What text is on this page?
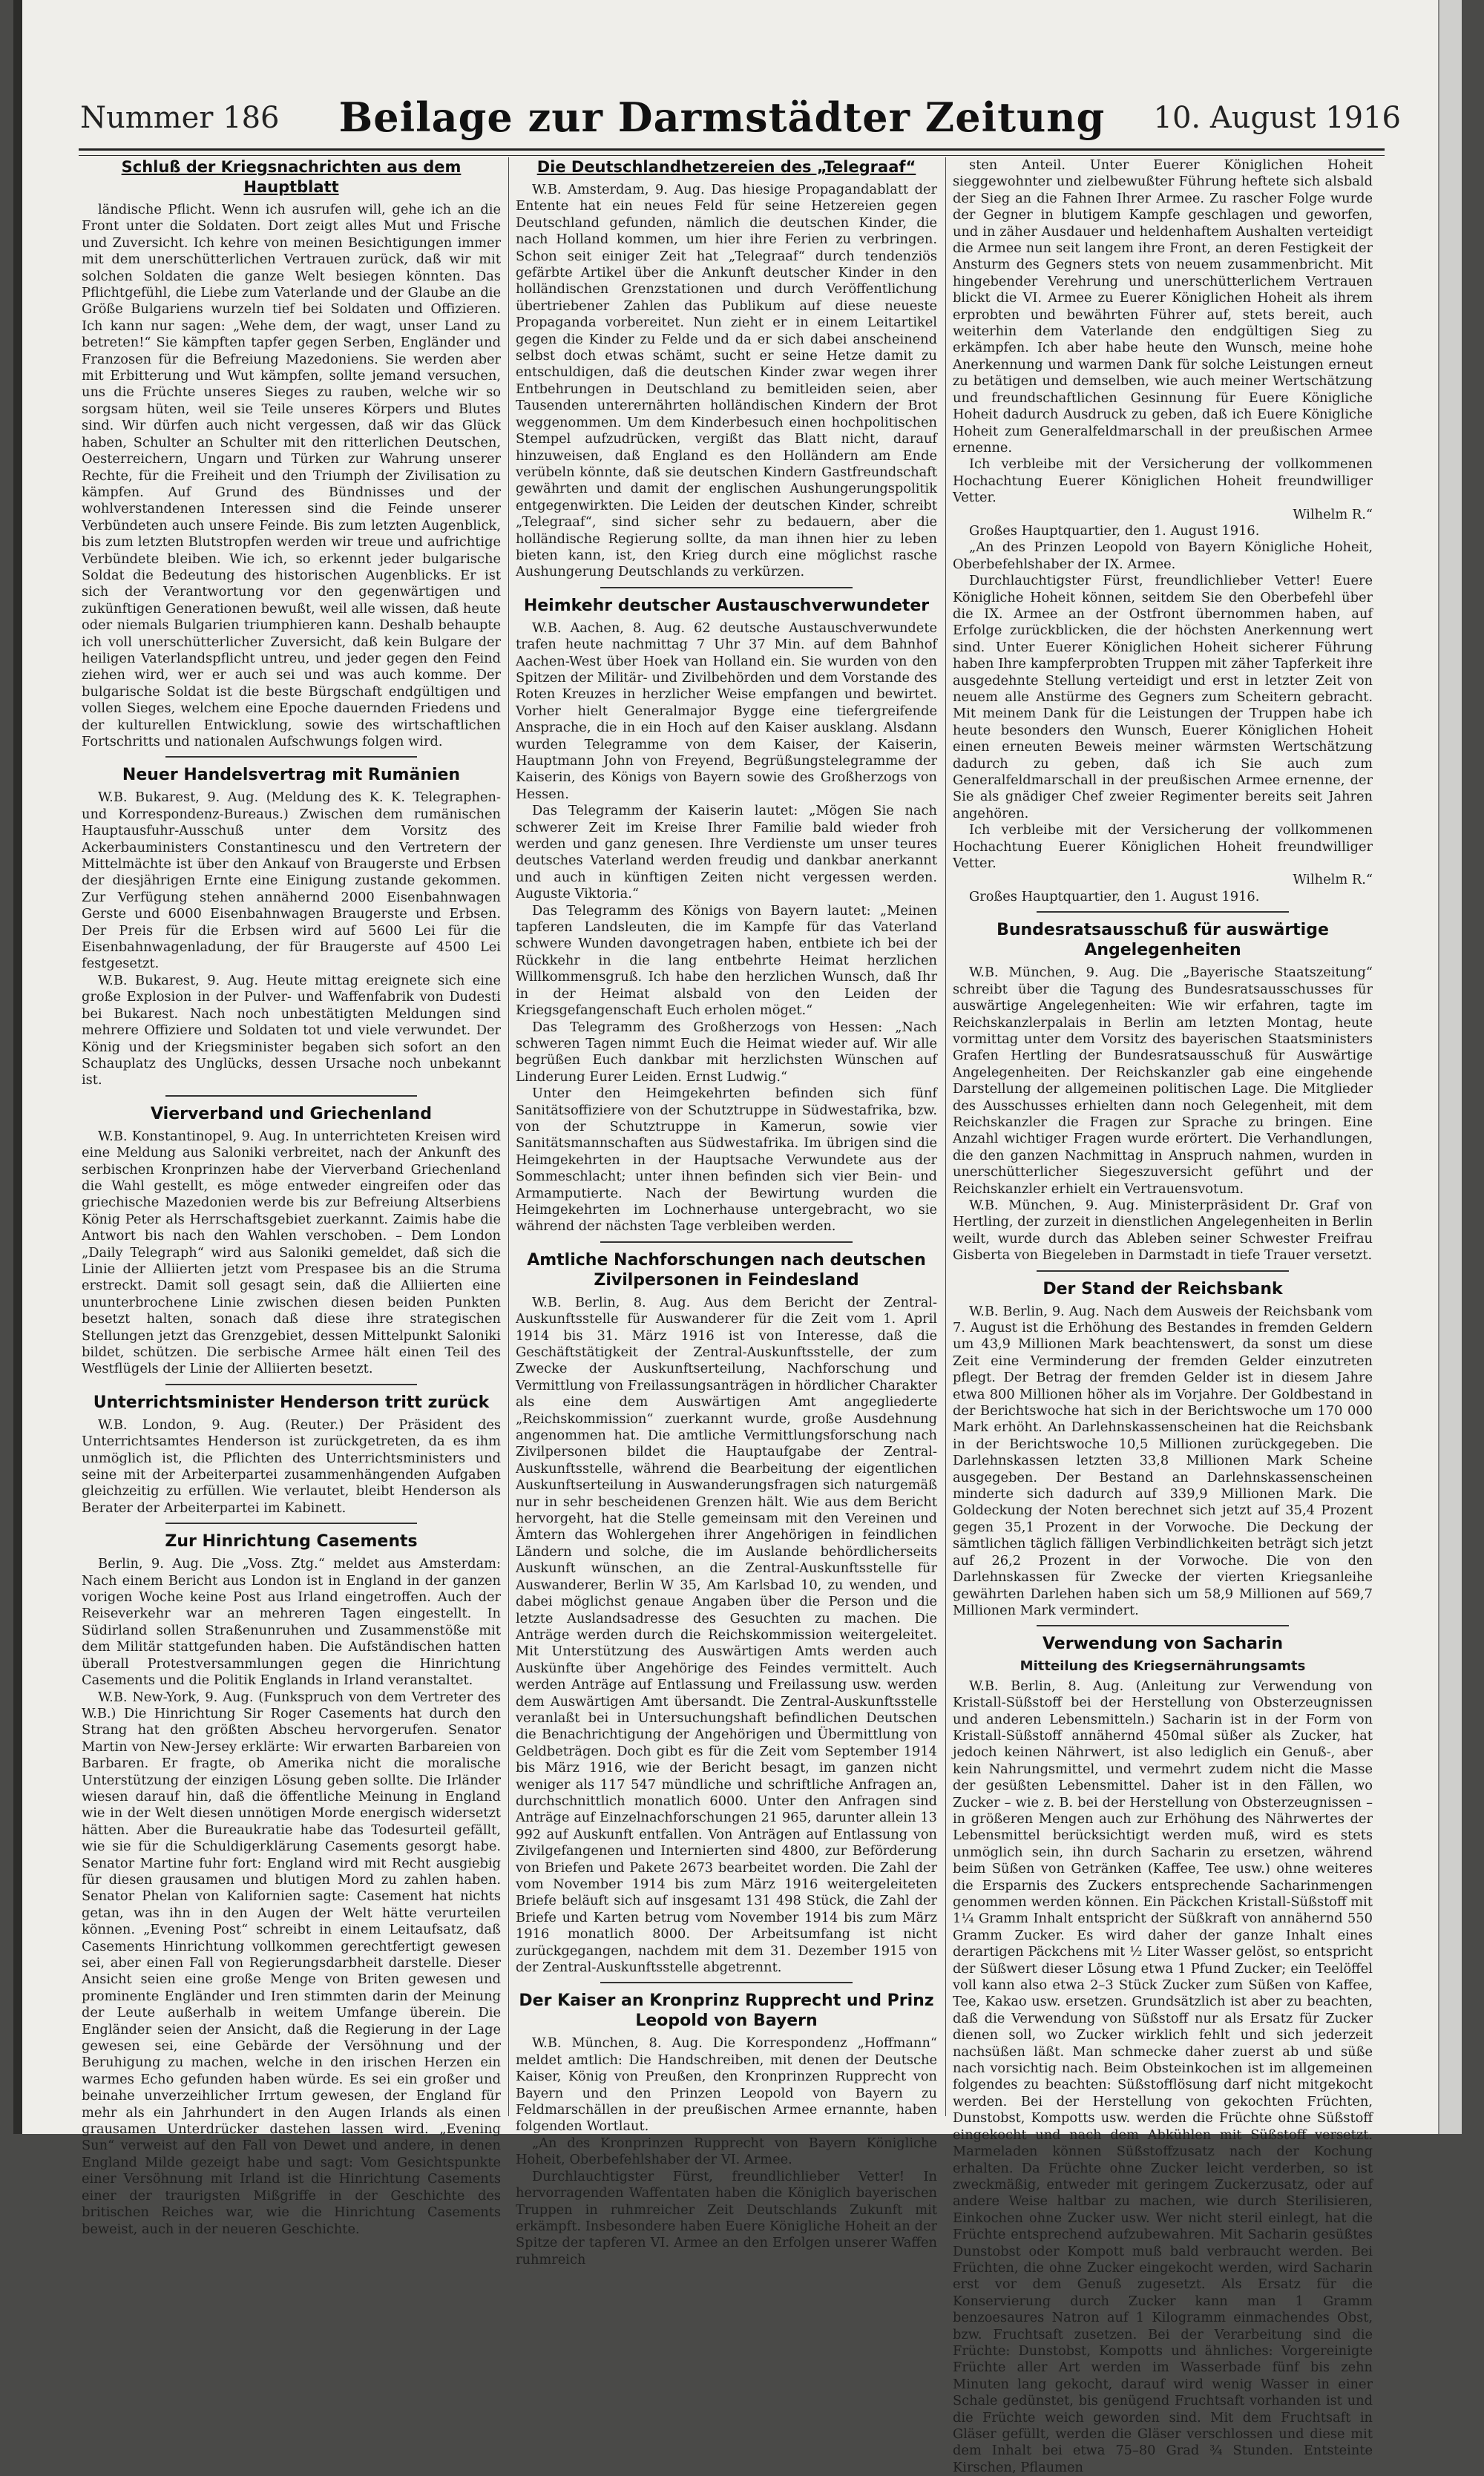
Nummer 186	Beilage zur Darmstädter Zeitung	10. August 1916
Schluß der Kriegsnachrichten aus dem Hauptblatt

ländische Pflicht. Wenn ich ausrufen will, gehe ich an die Front unter die Soldaten. Dort zeigt alles Mut und Frische und Zuversicht. Ich kehre von meinen Besichtigungen immer mit dem unerschütterlichen Vertrauen zurück, daß wir mit solchen Soldaten die ganze Welt besiegen könnten. Das Pflichtgefühl, die Liebe zum Vaterlande und der Glaube an die Größe Bulgariens wurzeln tief bei Soldaten und Offizieren. Ich kann nur sagen: „Wehe dem, der wagt, unser Land zu betreten!“ Sie kämpften tapfer gegen Serben, Engländer und Franzosen für die Befreiung Mazedoniens. Sie werden aber mit Erbitterung und Wut kämpfen, sollte jemand versuchen, uns die Früchte unseres Sieges zu rauben, welche wir so sorgsam hüten, weil sie Teile unseres Körpers und Blutes sind. Wir dürfen auch nicht vergessen, daß wir das Glück haben, Schulter an Schulter mit den ritterlichen Deutschen, Oesterreichern, Ungarn und Türken zur Wahrung unserer Rechte, für die Freiheit und den Triumph der Zivilisation zu kämpfen. Auf Grund des Bündnisses und der wohlverstandenen Interessen sind die Feinde unserer Verbündeten auch unsere Feinde. Bis zum letzten Augenblick, bis zum letzten Blutstropfen werden wir treue und aufrichtige Verbündete bleiben. Wie ich, so erkennt jeder bulgarische Soldat die Bedeutung des historischen Augenblicks. Er ist sich der Verantwortung vor den gegenwärtigen und zukünftigen Generationen bewußt, weil alle wissen, daß heute oder niemals Bulgarien triumphieren kann. Deshalb behaupte ich voll unerschütterlicher Zuversicht, daß kein Bulgare der heiligen Vaterlandspflicht untreu, und jeder gegen den Feind ziehen wird, wer er auch sei und was auch komme. Der bulgarische Soldat ist die beste Bürgschaft endgültigen und vollen Sieges, welchem eine Epoche dauernden Friedens und der kulturellen Entwicklung, sowie des wirtschaftlichen Fortschritts und nationalen Aufschwungs folgen wird.

Neuer Handelsvertrag mit Rumänien

W.B. Bukarest, 9. Aug. (Meldung des K. K. Telegraphen- und Korrespondenz-Bureaus.) Zwischen dem rumänischen Hauptausfuhr-Ausschuß unter dem Vorsitz des Ackerbauministers Constantinescu und den Vertretern der Mittelmächte ist über den Ankauf von Braugerste und Erbsen der diesjährigen Ernte eine Einigung zustande gekommen. Zur Verfügung stehen annähernd 2000 Eisenbahnwagen Gerste und 6000 Eisenbahnwagen Braugerste und Erbsen. Der Preis für die Erbsen wird auf 5600 Lei für die Eisenbahnwagenladung, der für Braugerste auf 4500 Lei festgesetzt.

W.B. Bukarest, 9. Aug. Heute mittag ereignete sich eine große Explosion in der Pulver- und Waffenfabrik von Dudesti bei Bukarest. Nach noch unbestätigten Meldungen sind mehrere Offiziere und Soldaten tot und viele verwundet. Der König und der Kriegsminister begaben sich sofort an den Schauplatz des Unglücks, dessen Ursache noch unbekannt ist.

Vierverband und Griechenland

W.B. Konstantinopel, 9. Aug. In unterrichteten Kreisen wird eine Meldung aus Saloniki verbreitet, nach der Ankunft des serbischen Kronprinzen habe der Vierverband Griechenland die Wahl gestellt, es möge entweder eingreifen oder das griechische Mazedonien werde bis zur Befreiung Altserbiens König Peter als Herrschaftsgebiet zuerkannt. Zaimis habe die Antwort bis nach den Wahlen verschoben. – Dem London „Daily Telegraph“ wird aus Saloniki gemeldet, daß sich die Linie der Alliierten jetzt vom Prespasee bis an die Struma erstreckt. Damit soll gesagt sein, daß die Alliierten eine ununterbrochene Linie zwischen diesen beiden Punkten besetzt halten, sonach daß diese ihre strategischen Stellungen jetzt das Grenzgebiet, dessen Mittelpunkt Saloniki bildet, schützen. Die serbische Armee hält einen Teil des Westflügels der Linie der Alliierten besetzt.

Unterrichtsminister Henderson tritt zurück

W.B. London, 9. Aug. (Reuter.) Der Präsident des Unterrichtsamtes Henderson ist zurückgetreten, da es ihm unmöglich ist, die Pflichten des Unterrichtsministers und seine mit der Arbeiterpartei zusammenhängenden Aufgaben gleichzeitig zu erfüllen. Wie verlautet, bleibt Henderson als Berater der Arbeiterpartei im Kabinett.

Zur Hinrichtung Casements

Berlin, 9. Aug. Die „Voss. Ztg.“ meldet aus Amsterdam: Nach einem Bericht aus London ist in England in der ganzen vorigen Woche keine Post aus Irland eingetroffen. Auch der Reiseverkehr war an mehreren Tagen eingestellt. In Südirland sollen Straßenunruhen und Zusammenstöße mit dem Militär stattgefunden haben. Die Aufständischen hatten überall Protestversammlungen gegen die Hinrichtung Casements und die Politik Englands in Irland veranstaltet.

W.B. New-York, 9. Aug. (Funkspruch von dem Vertreter des W.B.) Die Hinrichtung Sir Roger Casements hat durch den Strang hat den größten Abscheu hervorgerufen. Senator Martin von New-Jersey erklärte: Wir erwarten Barbareien von Barbaren. Er fragte, ob Amerika nicht die moralische Unterstützung der einzigen Lösung geben sollte. Die Irländer wiesen darauf hin, daß die öffentliche Meinung in England wie in der Welt diesen unnötigen Morde energisch widersetzt hätten. Aber die Bureaukratie habe das Todesurteil gefällt, wie sie für die Schuldigerklärung Casements gesorgt habe. Senator Martine fuhr fort: England wird mit Recht ausgiebig für diesen grausamen und blutigen Mord zu zahlen haben. Senator Phelan von Kalifornien sagte: Casement hat nichts getan, was ihn in den Augen der Welt hätte verurteilen können. „Evening Post“ schreibt in einem Leitaufsatz, daß Casements Hinrichtung vollkommen gerechtfertigt gewesen sei, aber einen Fall von Regierungsdarbheit darstelle. Dieser Ansicht seien eine große Menge von Briten gewesen und prominente Engländer und Iren stimmten darin der Meinung der Leute außerhalb in weitem Umfange überein. Die Engländer seien der Ansicht, daß die Regierung in der Lage gewesen sei, eine Gebärde der Versöhnung und der Beruhigung zu machen, welche in den irischen Herzen ein warmes Echo gefunden haben würde. Es sei ein großer und beinahe unverzeihlicher Irrtum gewesen, der England für mehr als ein Jahrhundert in den Augen Irlands als einen grausamen Unterdrücker dastehen lassen wird. „Evening Sun“ verweist auf den Fall von Dewet und andere, in denen England Milde gezeigt habe und sagt: Vom Gesichtspunkte einer Versöhnung mit Irland ist die Hinrichtung Casements einer der traurigsten Mißgriffe in der Geschichte des britischen Reiches war, wie die Hinrichtung Casements beweist, auch in der neueren Geschichte.

Die Deutschlandhetzereien des „Telegraaf“

W.B. Amsterdam, 9. Aug. Das hiesige Propagandablatt der Entente hat ein neues Feld für seine Hetzereien gegen Deutschland gefunden, nämlich die deutschen Kinder, die nach Holland kommen, um hier ihre Ferien zu verbringen. Schon seit einiger Zeit hat „Telegraaf“ durch tendenziös gefärbte Artikel über die Ankunft deutscher Kinder in den holländischen Grenzstationen und durch Veröffentlichung übertriebener Zahlen das Publikum auf diese neueste Propaganda vorbereitet. Nun zieht er in einem Leitartikel gegen die Kinder zu Felde und da er sich dabei anscheinend selbst doch etwas schämt, sucht er seine Hetze damit zu entschuldigen, daß die deutschen Kinder zwar wegen ihrer Entbehrungen in Deutschland zu bemitleiden seien, aber Tausenden unterernährten holländischen Kindern der Brot weggenommen. Um dem Kinderbesuch einen hochpolitischen Stempel aufzudrücken, vergißt das Blatt nicht, darauf hinzuweisen, daß England es den Holländern am Ende verübeln könnte, daß sie deutschen Kindern Gastfreundschaft gewährten und damit der englischen Aushungerungspolitik entgegenwirkten. Die Leiden der deutschen Kinder, schreibt „Telegraaf“, sind sicher sehr zu bedauern, aber die holländische Regierung sollte, da man ihnen hier zu leben bieten kann, ist, den Krieg durch eine möglichst rasche Aushungerung Deutschlands zu verkürzen.

Heimkehr deutscher Austauschverwundeter

W.B. Aachen, 8. Aug. 62 deutsche Austauschverwundete trafen heute nachmittag 7 Uhr 37 Min. auf dem Bahnhof Aachen-West über Hoek van Holland ein. Sie wurden von den Spitzen der Militär- und Zivilbehörden und dem Vorstande des Roten Kreuzes in herzlicher Weise empfangen und bewirtet. Vorher hielt Generalmajor Bygge eine tiefergreifende Ansprache, die in ein Hoch auf den Kaiser ausklang. Alsdann wurden Telegramme von dem Kaiser, der Kaiserin, Hauptmann John von Freyend, Begrüßungstelegramme der Kaiserin, des Königs von Bayern sowie des Großherzogs von Hessen.

Das Telegramm der Kaiserin lautet: „Mögen Sie nach schwerer Zeit im Kreise Ihrer Familie bald wieder froh werden und ganz genesen. Ihre Verdienste um unser teures deutsches Vaterland werden freudig und dankbar anerkannt und auch in künftigen Zeiten nicht vergessen werden. Auguste Viktoria.“

Das Telegramm des Königs von Bayern lautet: „Meinen tapferen Landsleuten, die im Kampfe für das Vaterland schwere Wunden davongetragen haben, entbiete ich bei der Rückkehr in die lang entbehrte Heimat herzlichen Willkommensgruß. Ich habe den herzlichen Wunsch, daß Ihr in der Heimat alsbald von den Leiden der Kriegsgefangenschaft Euch erholen möget.“

Das Telegramm des Großherzogs von Hessen: „Nach schweren Tagen nimmt Euch die Heimat wieder auf. Wir alle begrüßen Euch dankbar mit herzlichsten Wünschen auf Linderung Eurer Leiden. Ernst Ludwig.“

Unter den Heimgekehrten befinden sich fünf Sanitätsoffiziere von der Schutztruppe in Südwestafrika, bzw. von der Schutztruppe in Kamerun, sowie vier Sanitätsmannschaften aus Südwestafrika. Im übrigen sind die Heimgekehrten in der Hauptsache Verwundete aus der Sommeschlacht; unter ihnen befinden sich vier Bein- und Armamputierte. Nach der Bewirtung wurden die Heimgekehrten im Lochnerhause untergebracht, wo sie während der nächsten Tage verbleiben werden.

Amtliche Nachforschungen nach deutschen Zivilpersonen in Feindesland

W.B. Berlin, 8. Aug. Aus dem Bericht der Zentral-Auskunftsstelle für Auswanderer für die Zeit vom 1. April 1914 bis 31. März 1916 ist von Interesse, daß die Geschäftstätigkeit der Zentral-Auskunftsstelle, der zum Zwecke der Auskunftserteilung, Nachforschung und Vermittlung von Freilassungsanträgen in hördlicher Charakter als eine dem Auswärtigen Amt angegliederte „Reichskommission“ zuerkannt wurde, große Ausdehnung angenommen hat. Die amtliche Vermittlungsforschung nach Zivilpersonen bildet die Hauptaufgabe der Zentral-Auskunftsstelle, während die Bearbeitung der eigentlichen Auskunftserteilung in Auswanderungsfragen sich naturgemäß nur in sehr bescheidenen Grenzen hält. Wie aus dem Bericht hervorgeht, hat die Stelle gemeinsam mit den Vereinen und Ämtern das Wohlergehen ihrer Angehörigen in feindlichen Ländern und solche, die im Auslande behördlicherseits Auskunft wünschen, an die Zentral-Auskunftsstelle für Auswanderer, Berlin W 35, Am Karlsbad 10, zu wenden, und dabei möglichst genaue Angaben über die Person und die letzte Auslandsadresse des Gesuchten zu machen. Die Anträge werden durch die Reichskommission weitergeleitet. Mit Unterstützung des Auswärtigen Amts werden auch Auskünfte über Angehörige des Feindes vermittelt. Auch werden Anträge auf Entlassung und Freilassung usw. werden dem Auswärtigen Amt übersandt. Die Zentral-Auskunftsstelle veranlaßt bei in Untersuchungshaft befindlichen Deutschen die Benachrichtigung der Angehörigen und Übermittlung von Geldbeträgen. Doch gibt es für die Zeit vom September 1914 bis März 1916, wie der Bericht besagt, im ganzen nicht weniger als 117 547 mündliche und schriftliche Anfragen an, durchschnittlich monatlich 6000. Unter den Anfragen sind Anträge auf Einzelnachforschungen 21 965, darunter allein 13 992 auf Auskunft entfallen. Von Anträgen auf Entlassung von Zivilgefangenen und Internierten sind 4800, zur Beförderung von Briefen und Pakete 2673 bearbeitet worden. Die Zahl der vom November 1914 bis zum März 1916 weitergeleiteten Briefe beläuft sich auf insgesamt 131 498 Stück, die Zahl der Briefe und Karten betrug vom November 1914 bis zum März 1916 monatlich 8000. Der Arbeitsumfang ist nicht zurückgegangen, nachdem mit dem 31. Dezember 1915 von der Zentral-Auskunftsstelle abgetrennt.

Der Kaiser an Kronprinz Rupprecht und Prinz Leopold von Bayern

W.B. München, 8. Aug. Die Korrespondenz „Hoffmann“ meldet amtlich: Die Handschreiben, mit denen der Deutsche Kaiser, König von Preußen, den Kronprinzen Rupprecht von Bayern und den Prinzen Leopold von Bayern zu Feldmarschällen in der preußischen Armee ernannte, haben folgenden Wortlaut.

„An des Kronprinzen Rupprecht von Bayern Königliche Hoheit, Oberbefehlshaber der VI. Armee.

Durchlauchtigster Fürst, freundlichlieber Vetter! In hervorragenden Waffentaten haben die Königlich bayerischen Truppen in ruhmreicher Zeit Deutschlands Zukunft mit erkämpft. Insbesondere haben Euere Königliche Hoheit an der Spitze der tapferen VI. Armee an den Erfolgen unserer Waffen ruhmreich

sten Anteil. Unter Euerer Königlichen Hoheit sieggewohnter und zielbewußter Führung heftete sich alsbald der Sieg an die Fahnen Ihrer Armee. Zu rascher Folge wurde der Gegner in blutigem Kampfe geschlagen und geworfen, und in zäher Ausdauer und heldenhaftem Aushalten verteidigt die Armee nun seit langem ihre Front, an deren Festigkeit der Ansturm des Gegners stets von neuem zusammenbricht. Mit hingebender Verehrung und unerschütterlichem Vertrauen blickt die VI. Armee zu Euerer Königlichen Hoheit als ihrem erprobten und bewährten Führer auf, stets bereit, auch weiterhin dem Vaterlande den endgültigen Sieg zu erkämpfen. Ich aber habe heute den Wunsch, meine hohe Anerkennung und warmen Dank für solche Leistungen erneut zu betätigen und demselben, wie auch meiner Wertschätzung und freundschaftlichen Gesinnung für Euere Königliche Hoheit dadurch Ausdruck zu geben, daß ich Euere Königliche Hoheit zum Generalfeldmarschall in der preußischen Armee ernenne.

Ich verbleibe mit der Versicherung der vollkommenen Hochachtung Euerer Königlichen Hoheit freundwilliger Vetter.

Wilhelm R.“

Großes Hauptquartier, den 1. August 1916.

„An des Prinzen Leopold von Bayern Königliche Hoheit, Oberbefehlshaber der IX. Armee.

Durchlauchtigster Fürst, freundlichlieber Vetter! Euere Königliche Hoheit können, seitdem Sie den Oberbefehl über die IX. Armee an der Ostfront übernommen haben, auf Erfolge zurückblicken, die der höchsten Anerkennung wert sind. Unter Euerer Königlichen Hoheit sicherer Führung haben Ihre kampferprobten Truppen mit zäher Tapferkeit ihre ausgedehnte Stellung verteidigt und erst in letzter Zeit von neuem alle Anstürme des Gegners zum Scheitern gebracht. Mit meinem Dank für die Leistungen der Truppen habe ich heute besonders den Wunsch, Euerer Königlichen Hoheit einen erneuten Beweis meiner wärmsten Wertschätzung dadurch zu geben, daß ich Sie auch zum Generalfeldmarschall in der preußischen Armee ernenne, der Sie als gnädiger Chef zweier Regimenter bereits seit Jahren angehören.

Ich verbleibe mit der Versicherung der vollkommenen Hochachtung Euerer Königlichen Hoheit freundwilliger Vetter.

Wilhelm R.“

Großes Hauptquartier, den 1. August 1916.

Bundesratsausschuß für auswärtige Angelegenheiten

W.B. München, 9. Aug. Die „Bayerische Staatszeitung“ schreibt über die Tagung des Bundesratsausschusses für auswärtige Angelegenheiten: Wie wir erfahren, tagte im Reichskanzlerpalais in Berlin am letzten Montag, heute vormittag unter dem Vorsitz des bayerischen Staatsministers Grafen Hertling der Bundesratsausschuß für Auswärtige Angelegenheiten. Der Reichskanzler gab eine eingehende Darstellung der allgemeinen politischen Lage. Die Mitglieder des Ausschusses erhielten dann noch Gelegenheit, mit dem Reichskanzler die Fragen zur Sprache zu bringen. Eine Anzahl wichtiger Fragen wurde erörtert. Die Verhandlungen, die den ganzen Nachmittag in Anspruch nahmen, wurden in unerschütterlicher Siegeszuversicht geführt und der Reichskanzler erhielt ein Vertrauensvotum.

W.B. München, 9. Aug. Ministerpräsident Dr. Graf von Hertling, der zurzeit in dienstlichen Angelegenheiten in Berlin weilt, wurde durch das Ableben seiner Schwester Freifrau Gisberta von Biegeleben in Darmstadt in tiefe Trauer versetzt.

Der Stand der Reichsbank

W.B. Berlin, 9. Aug. Nach dem Ausweis der Reichsbank vom 7. August ist die Erhöhung des Bestandes in fremden Geldern um 43,9 Millionen Mark beachtenswert, da sonst um diese Zeit eine Verminderung der fremden Gelder einzutreten pflegt. Der Betrag der fremden Gelder ist in diesem Jahre etwa 800 Millionen höher als im Vorjahre. Der Goldbestand in der Berichtswoche hat sich in der Berichtswoche um 170 000 Mark erhöht. An Darlehnskassenscheinen hat die Reichsbank in der Berichtswoche 10,5 Millionen zurückgegeben. Die Darlehnskassen letzten 33,8 Millionen Mark Scheine ausgegeben. Der Bestand an Darlehnskassenscheinen minderte sich dadurch auf 339,9 Millionen Mark. Die Goldeckung der Noten berechnet sich jetzt auf 35,4 Prozent gegen 35,1 Prozent in der Vorwoche. Die Deckung der sämtlichen täglich fälligen Verbindlichkeiten beträgt sich jetzt auf 26,2 Prozent in der Vorwoche. Die von den Darlehnskassen für Zwecke der vierten Kriegsanleihe gewährten Darlehen haben sich um 58,9 Millionen auf 569,7 Millionen Mark vermindert.

Verwendung von Sacharin
Mitteilung des Kriegsernährungsamts

W.B. Berlin, 8. Aug. (Anleitung zur Verwendung von Kristall-Süßstoff bei der Herstellung von Obsterzeugnissen und anderen Lebensmitteln.) Sacharin ist in der Form von Kristall-Süßstoff annähernd 450mal süßer als Zucker, hat jedoch keinen Nährwert, ist also lediglich ein Genuß-, aber kein Nahrungsmittel, und vermehrt zudem nicht die Masse der gesüßten Lebensmittel. Daher ist in den Fällen, wo Zucker – wie z. B. bei der Herstellung von Obsterzeugnissen – in größeren Mengen auch zur Erhöhung des Nährwertes der Lebensmittel berücksichtigt werden muß, wird es stets unmöglich sein, ihn durch Sacharin zu ersetzen, während beim Süßen von Getränken (Kaffee, Tee usw.) ohne weiteres die Ersparnis des Zuckers entsprechende Sacharinmengen genommen werden können. Ein Päckchen Kristall-Süßstoff mit 1¼ Gramm Inhalt entspricht der Süßkraft von annähernd 550 Gramm Zucker. Es wird daher der ganze Inhalt eines derartigen Päckchens mit ½ Liter Wasser gelöst, so entspricht der Süßwert dieser Lösung etwa 1 Pfund Zucker; ein Teelöffel voll kann also etwa 2–3 Stück Zucker zum Süßen von Kaffee, Tee, Kakao usw. ersetzen. Grundsätzlich ist aber zu beachten, daß die Verwendung von Süßstoff nur als Ersatz für Zucker dienen soll, wo Zucker wirklich fehlt und sich jederzeit nachsüßen läßt. Man schmecke daher zuerst ab und süße nach vorsichtig nach. Beim Obsteinkochen ist im allgemeinen folgendes zu beachten: Süßstofflösung darf nicht mitgekocht werden. Bei der Herstellung von gekochten Früchten, Dunstobst, Kompotts usw. werden die Früchte ohne Süßstoff eingekocht und nach dem Abkühlen mit Süßstoff versetzt. Marmeladen können Süßstoffzusatz nach der Kochung erhalten. Da Früchte ohne Zucker leicht verderben, so ist zweckmäßig, entweder mit geringem Zuckerzusatz, oder auf andere Weise haltbar zu machen, wie durch Sterilisieren, Einkochen ohne Zucker usw. Wer nicht steril einlegt, hat die Früchte entsprechend aufzubewahren. Mit Sacharin gesüßtes Dunstobst oder Kompott muß bald verbraucht werden. Bei Früchten, die ohne Zucker eingekocht werden, wird Sacharin erst vor dem Genuß zugesetzt. Als Ersatz für die Konservierung durch Zucker kann man 1 Gramm benzoesaures Natron auf 1 Kilogramm einmachendes Obst, bzw. Fruchtsaft zusetzen. Bei der Verarbeitung sind die Früchte: Dunstobst, Kompotts und ähnliches: Vorgereinigte Früchte aller Art werden im Wasserbade fünf bis zehn Minuten lang gekocht, darauf wird wenig Wasser in einer Schale gedünstet, bis genügend Fruchtsaft vorhanden ist und die Früchte weich geworden sind. Mit dem Fruchtsaft in Gläser gefüllt, werden die Gläser verschlossen und diese mit dem Inhalt bei etwa 75–80 Grad ¾ Stunden. Entsteinte Kirschen, Pflaumen
